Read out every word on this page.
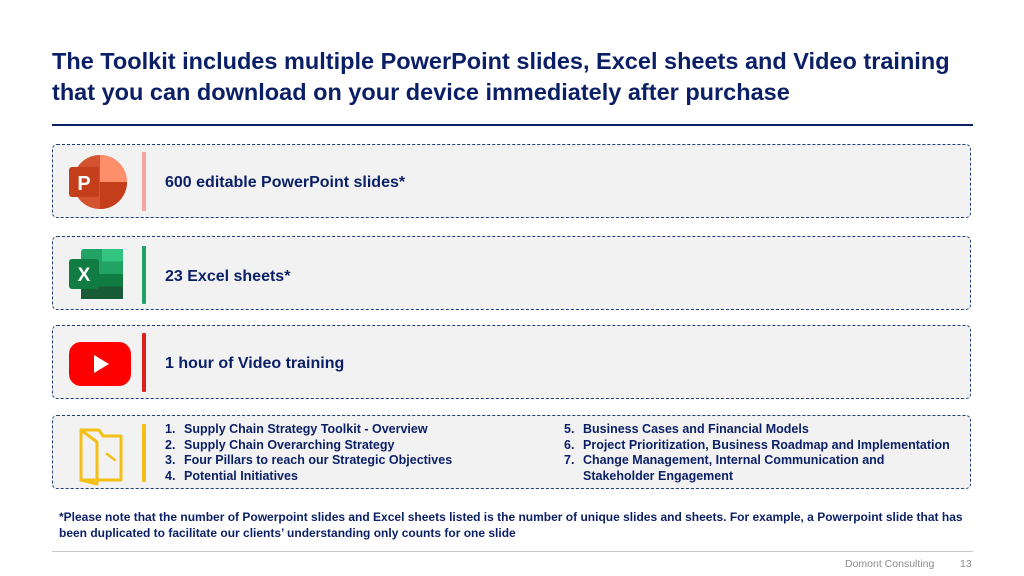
The Toolkit includes multiple PowerPoint slides, Excel sheets and Video training that you can download on your device immediately after purchase
P	600 editable PowerPoint slides*
X	23 Excel sheets*
1 hour of Video training
1. Supply Chain Strategy Toolkit - Overview
2. Supply Chain Overarching Strategy
3. Four Pillars to reach our Strategic Objectives
4. Potential Initiatives
5. Business Cases and Financial Models
6. Project Prioritization, Business Roadmap and Implementation
7. Change Management, Internal Communication and Stakeholder Engagement
*Please note that the number of Powerpoint slides and Excel sheets listed is the number of unique slides and sheets. For example, a Powerpoint slide that has been duplicated to facilitate our clients’ understanding only counts for one slide
Domont Consulting 13
